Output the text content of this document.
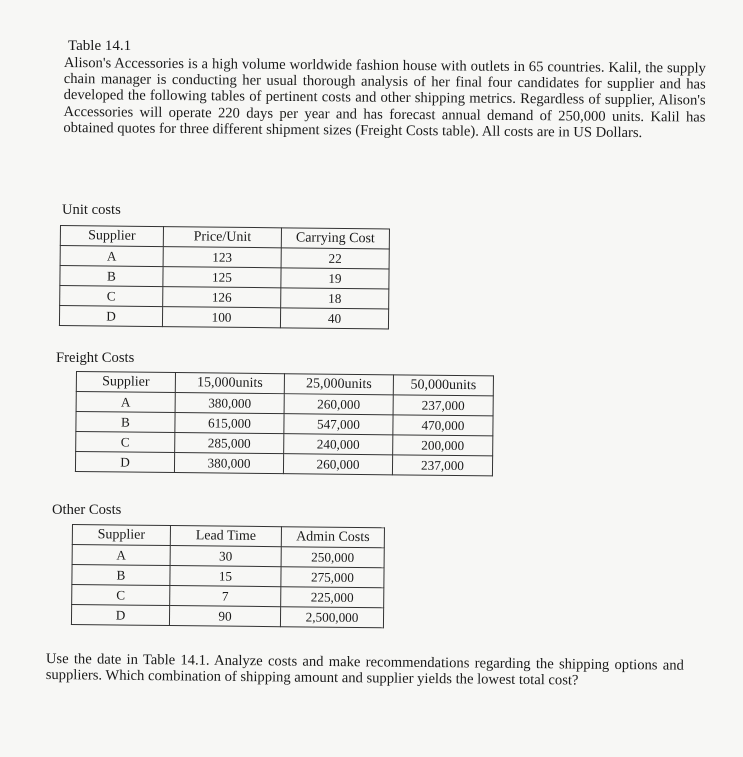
Table 14.1
Alison's Accessories is a high volume worldwide fashion house with outlets in 65 countries. Kalil, the supply chain manager is conducting her usual thorough analysis of her final four candidates for supplier and has developed the following tables of pertinent costs and other shipping metrics. Regardless of supplier, Alison's Accessories will operate 220 days per year and has forecast annual demand of 250,000 units. Kalil has obtained quotes for three different shipment sizes (Freight Costs table). All costs are in US Dollars.
Unit costs
Supplier	Price/Unit	Carrying Cost
A	123	22
B	125	19
C	126	18
D	100	40
Freight Costs
Supplier	15,000units	25,000units	50,000units
A	380,000	260,000	237,000
B	615,000	547,000	470,000
C	285,000	240,000	200,000
D	380,000	260,000	237,000
Other Costs
Supplier	Lead Time	Admin Costs
A	30	250,000
B	15	275,000
C	7	225,000
D	90	2,500,000
Use the date in Table 14.1. Analyze costs and make recommendations regarding the shipping options and suppliers. Which combination of shipping amount and supplier yields the lowest total cost?
